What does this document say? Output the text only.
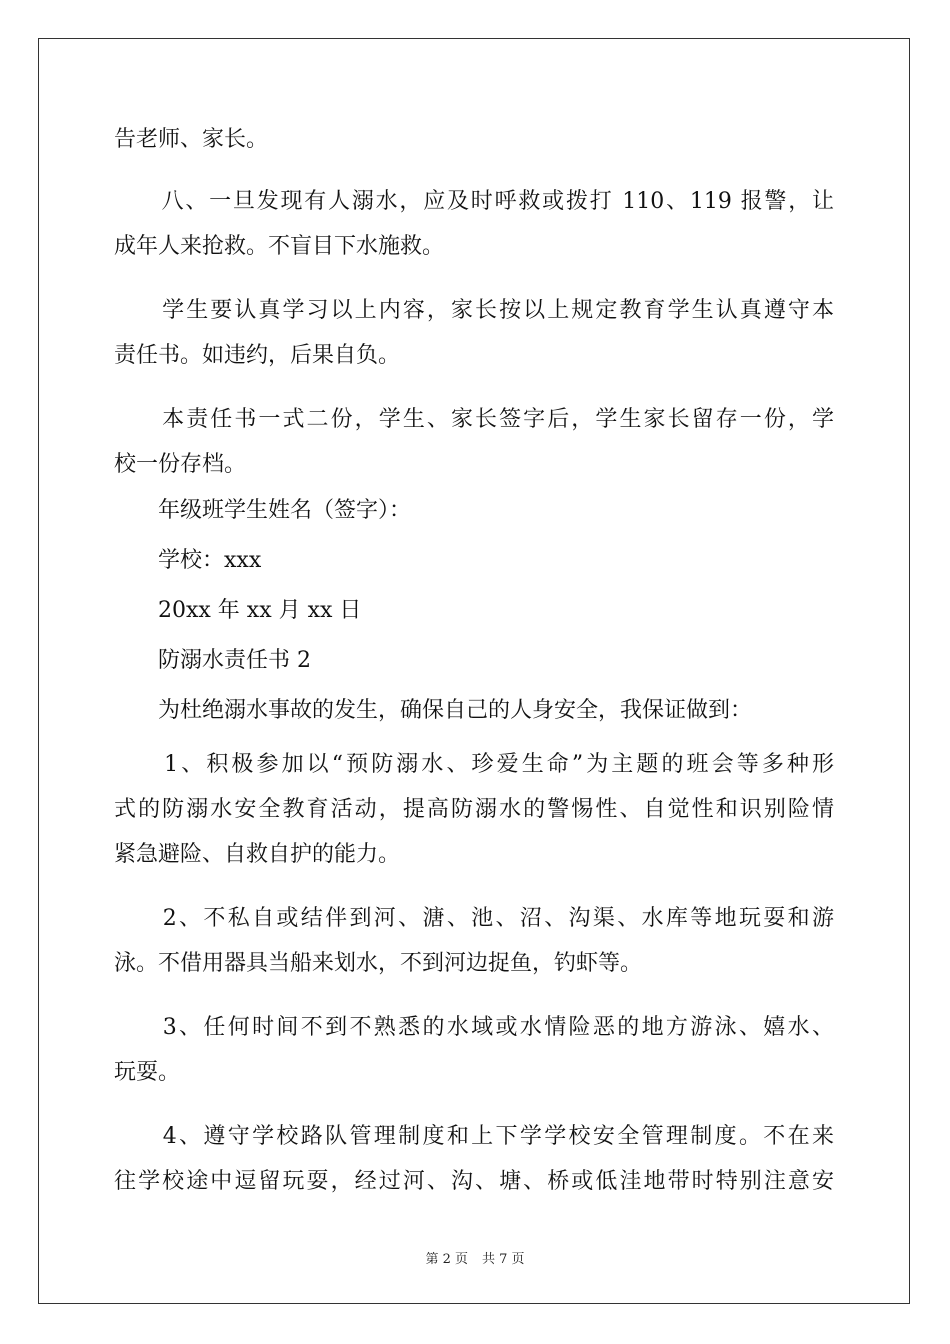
告老师、家长。
　　八、一旦发现有人溺水，应及时呼救或拨打 110、119 报警，让
成年人来抢救。不盲目下水施救。
　　学生要认真学习以上内容，家长按以上规定教育学生认真遵守本
责任书。如违约，后果自负。
　　本责任书一式二份，学生、家长签字后，学生家长留存一份，学
校一份存档。
　　年级班学生姓名（签字）：
　　学校：xxx
　　20xx 年 xx 月 xx 日
　　防溺水责任书 2
　　为杜绝溺水事故的发生，确保自己的人身安全，我保证做到：
　　1、积极参加以“预防溺水、珍爱生命”为主题的班会等多种形
式的防溺水安全教育活动，提高防溺水的警惕性、自觉性和识别险情
紧急避险、自救自护的能力。
　　2、不私自或结伴到河、溏、池、沼、沟渠、水库等地玩耍和游
泳。不借用器具当船来划水，不到河边捉鱼，钓虾等。
　　3、任何时间不到不熟悉的水域或水情险恶的地方游泳、嬉水、
玩耍。
　　4、遵守学校路队管理制度和上下学学校安全管理制度。不在来
往学校途中逗留玩耍，经过河、沟、塘、桥或低洼地带时特别注意安
第 2 页 共 7 页
